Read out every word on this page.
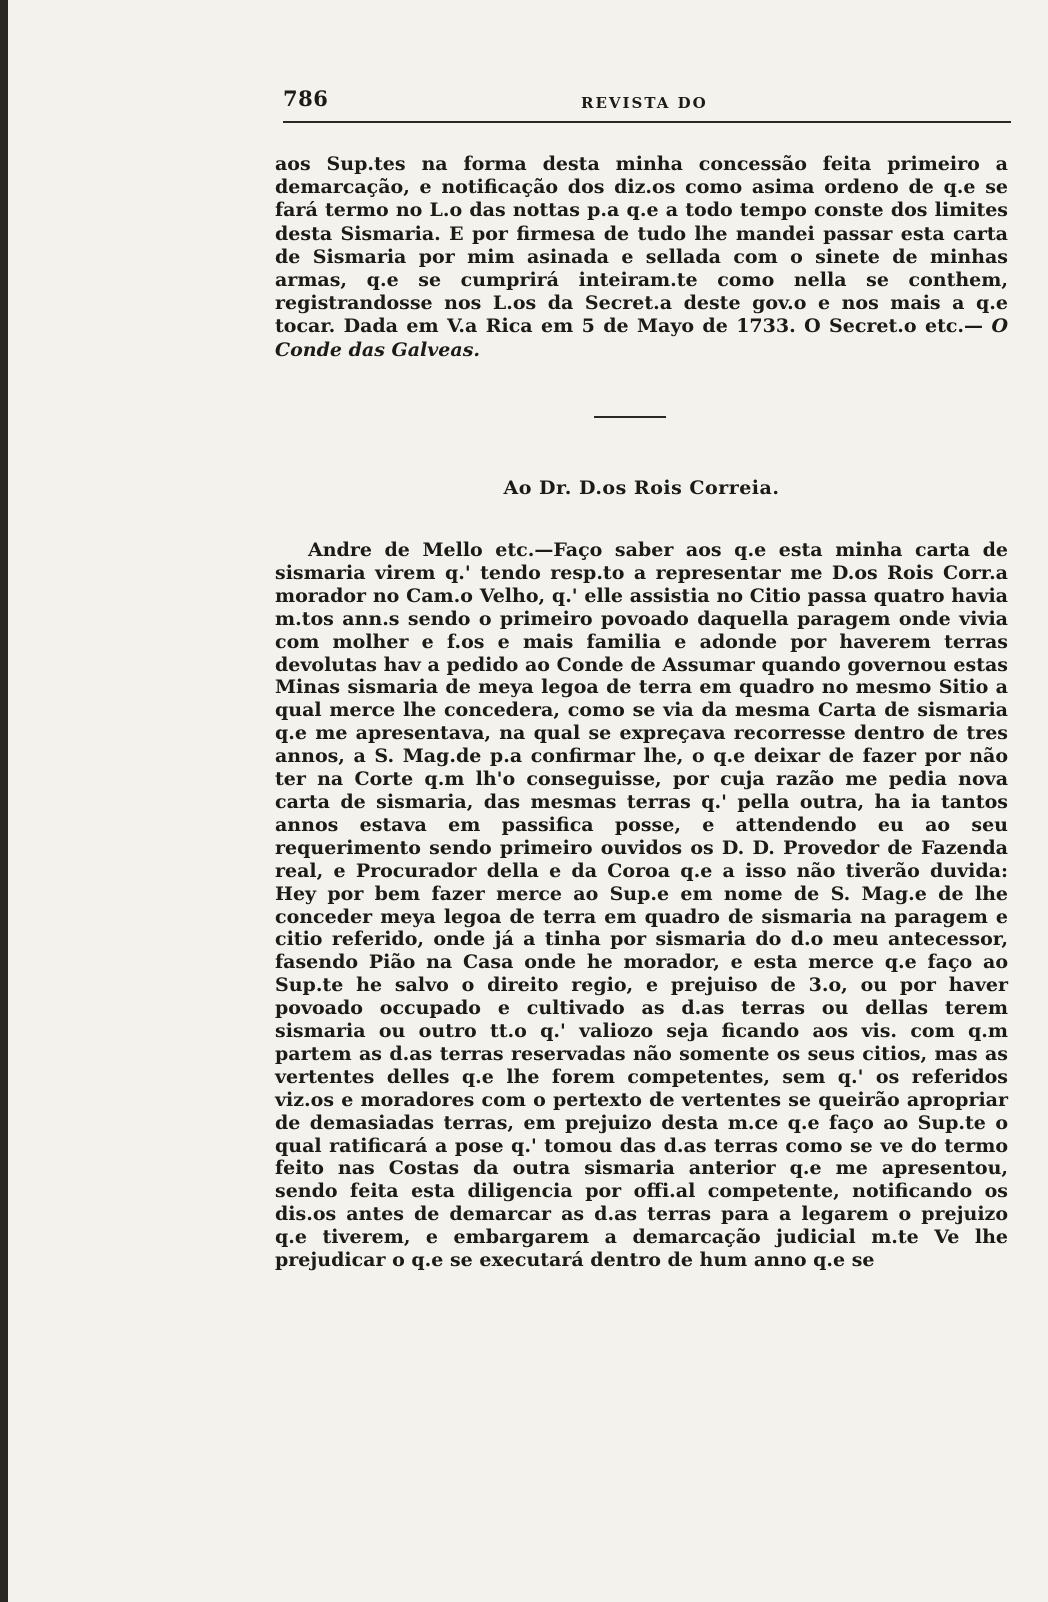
786	REVISTA DO
aos Sup.tes na forma desta minha concessão feita primeiro a demarcação, e notificação dos diz.os como asima ordeno de q.e se fará termo no L.o das nottas p.a q.e a todo tempo conste dos limites desta Sismaria. E por firmesa de tudo lhe mandei passar esta carta de Sismaria por mim asinada e sellada com o sinete de minhas armas, q.e se cumprirá inteiram.te como nella se conthem, registrandosse nos L.os da Secret.a deste gov.o e nos mais a q.e tocar. Dada em V.a Rica em 5 de Mayo de 1733. O Secret.o etc.— O Conde das Galveas.
Ao Dr. D.os Rois Correia.
Andre de Mello etc.—Faço saber aos q.e esta minha carta de sismaria virem q.' tendo resp.to a representar me D.os Rois Corr.a morador no Cam.o Velho, q.' elle assistia no Citio passa quatro havia m.tos ann.s sendo o primeiro povoado daquella paragem onde vivia com molher e f.os e mais familia e adonde por haverem terras devolutas hav a pedido ao Conde de Assumar quando governou estas Minas sismaria de meya legoa de terra em quadro no mesmo Sitio a qual merce lhe concedera, como se via da mesma Carta de sismaria q.e me apresentava, na qual se expreçava recorresse dentro de tres annos, a S. Mag.de p.a confirmar lhe, o q.e deixar de fazer por não ter na Corte q.m lh'o conseguisse, por cuja razão me pedia nova carta de sismaria, das mesmas terras q.' pella outra, ha ia tantos annos estava em passifica posse, e attendendo eu ao seu requerimento sendo primeiro ouvidos os D. D. Provedor de Fazenda real, e Procurador della e da Coroa q.e a isso não tiverão duvida: Hey por bem fazer merce ao Sup.e em nome de S. Mag.e de lhe conceder meya legoa de terra em quadro de sismaria na paragem e citio referido, onde já a tinha por sismaria do d.o meu antecessor, fasendo Pião na Casa onde he morador, e esta merce q.e faço ao Sup.te he salvo o direito regio, e prejuiso de 3.o, ou por haver povoado occupado e cultivado as d.as terras ou dellas terem sismaria ou outro tt.o q.' valiozo seja ficando aos vis. com q.m partem as d.as terras reservadas não somente os seus citios, mas as vertentes delles q.e lhe forem competentes, sem q.' os referidos viz.os e moradores com o pertexto de vertentes se queirão apropriar de demasiadas terras, em prejuizo desta m.ce q.e faço ao Sup.te o qual ratificará a pose q.' tomou das d.as terras como se ve do termo feito nas Costas da outra sismaria anterior q.e me apresentou, sendo feita esta diligencia por offi.al competente, notificando os dis.os antes de demarcar as d.as terras para a legarem o prejuizo q.e tiverem, e embargarem a demarcação judicial m.te Ve lhe prejudicar o q.e se executará dentro de hum anno q.e se
